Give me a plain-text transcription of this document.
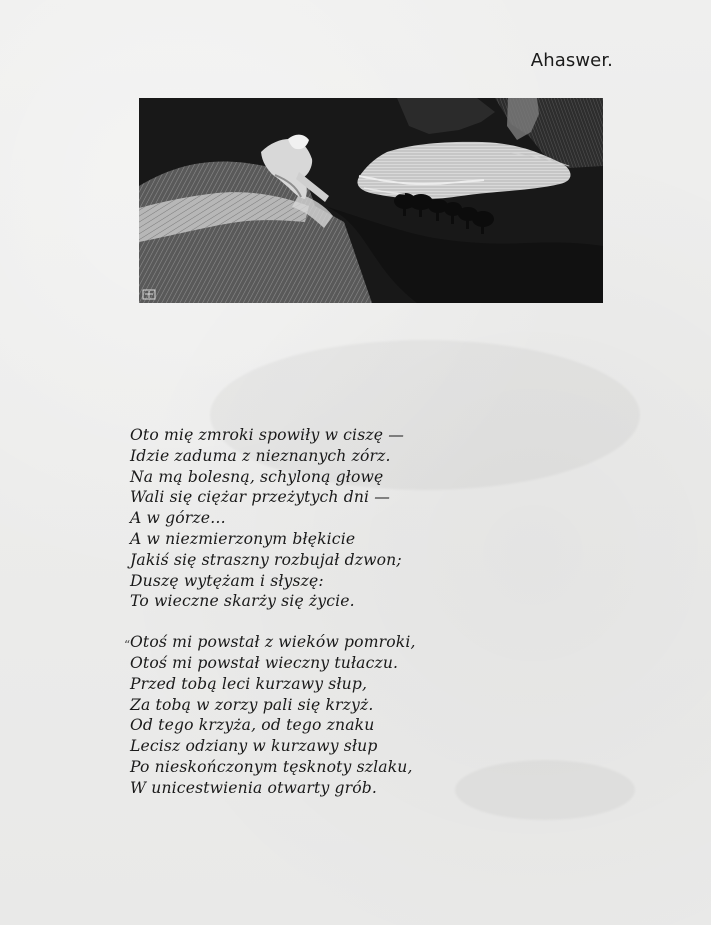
Ahaswer.
“
Oto mię zmroki spowiły w ciszę —
Idzie zaduma z nieznanych zórz.
Na mą bolesną, schyloną głowę
Wali się ciężar przeżytych dni —
A w górze…
A w niezmierzonym błękicie
Jakiś się straszny rozbujał dzwon;
Duszę wytężam i słyszę:
To wieczne skarży się życie.
Otoś mi powstał z wieków pomroki,
Otoś mi powstał wieczny tułaczu.
Przed tobą leci kurzawy słup,
Za tobą w zorzy pali się krzyż.
Od tego krzyża, od tego znaku
Lecisz odziany w kurzawy słup
Po nieskończonym tęsknoty szlaku,
W unicestwienia otwarty grób.
